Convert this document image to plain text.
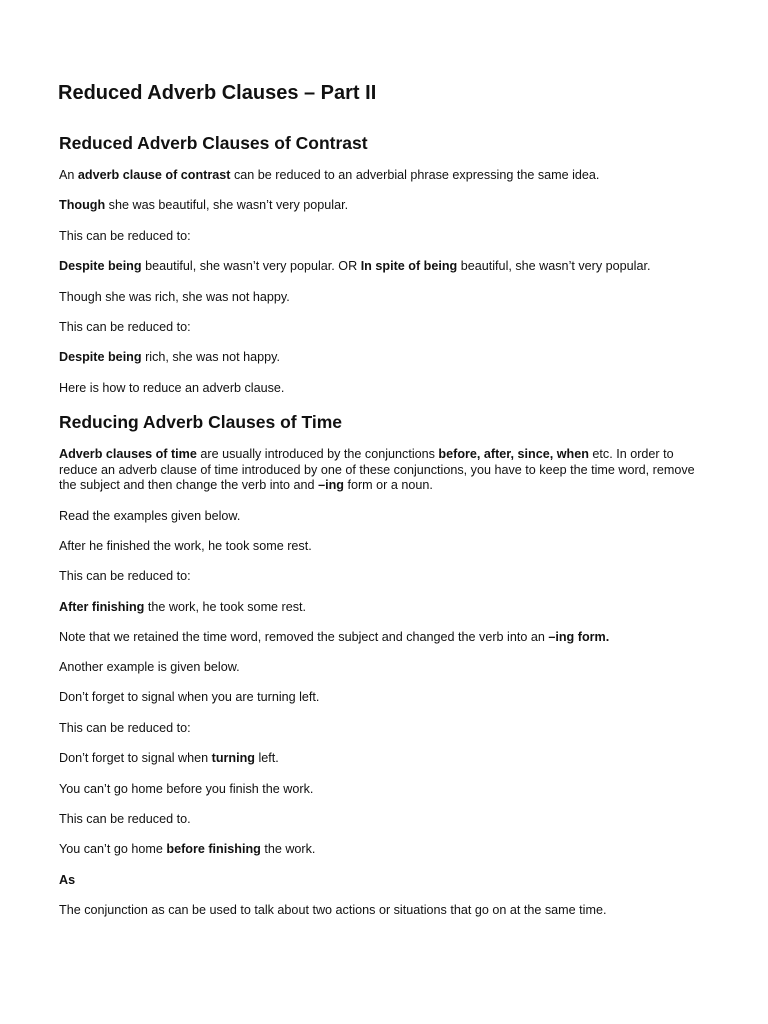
Reduced Adverb Clauses – Part II
Reduced Adverb Clauses of Contrast

An adverb clause of contrast can be reduced to an adverbial phrase expressing the same idea.

Though she was beautiful, she wasn’t very popular.

This can be reduced to:

Despite being beautiful, she wasn’t very popular. OR In spite of being beautiful, she wasn’t very popular.

Though she was rich, she was not happy.

This can be reduced to:

Despite being rich, she was not happy.

Here is how to reduce an adverb clause.

Reducing Adverb Clauses of Time

Adverb clauses of time are usually introduced by the conjunctions before, after, since, when etc. In order to reduce an adverb clause of time introduced by one of these conjunctions, you have to keep the time word, remove the subject and then change the verb into and –ing form or a noun.

Read the examples given below.

After he finished the work, he took some rest.

This can be reduced to:

After finishing the work, he took some rest.

Note that we retained the time word, removed the subject and changed the verb into an –ing form.

Another example is given below.

Don’t forget to signal when you are turning left.

This can be reduced to:

Don’t forget to signal when turning left.

You can’t go home before you finish the work.

This can be reduced to.

You can’t go home before finishing the work.

As

The conjunction as can be used to talk about two actions or situations that go on at the same time.
